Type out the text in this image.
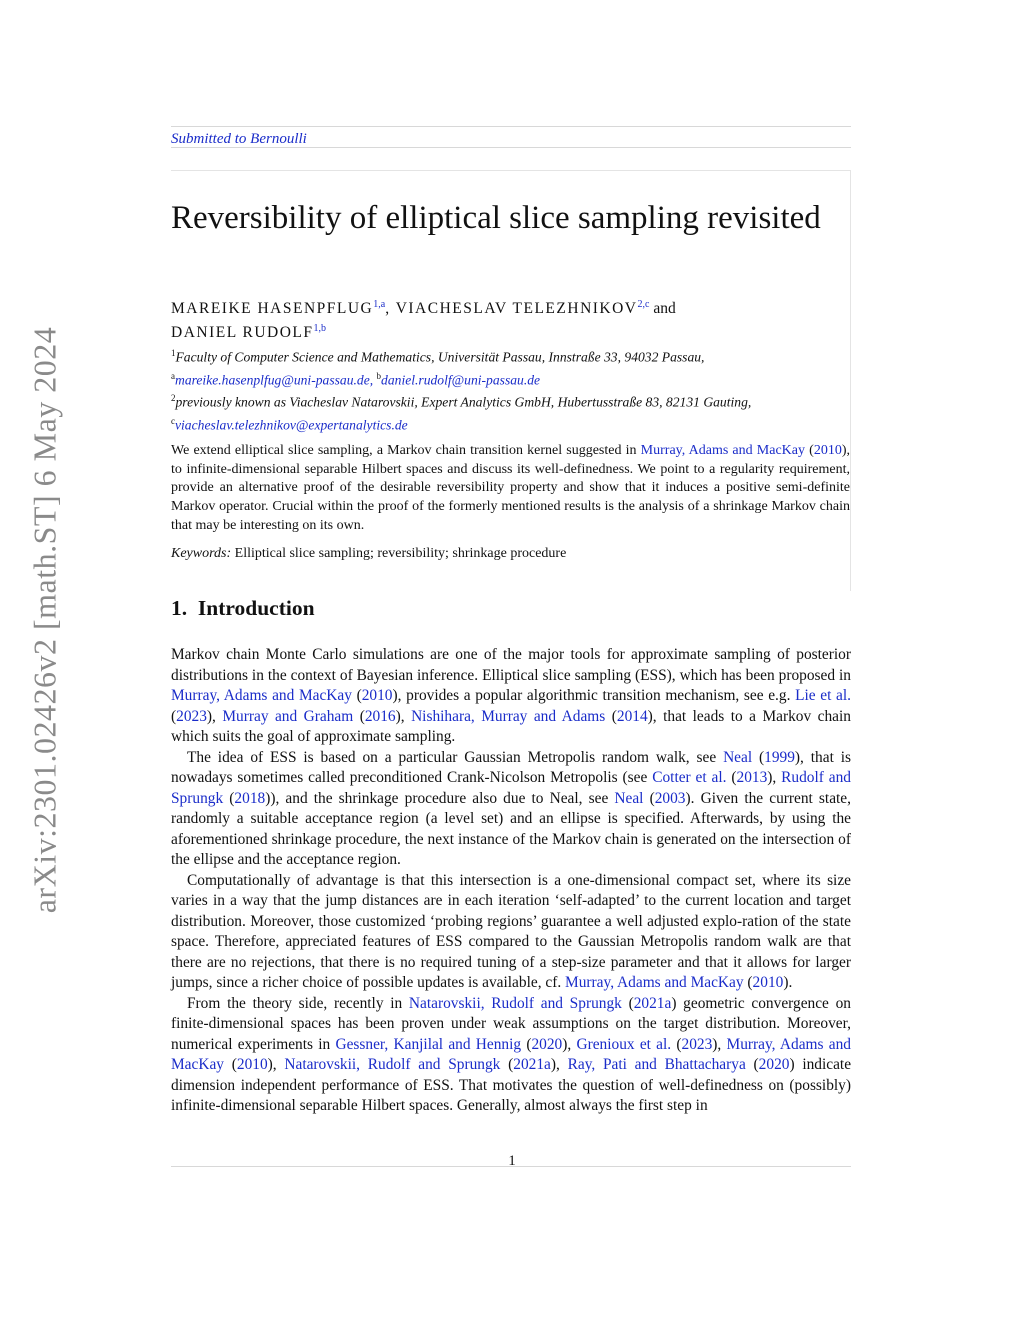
arXiv:2301.02426v2 [math.ST] 6 May 2024
Submitted to Bernoulli
Reversibility of elliptical slice sampling revisited
MAREIKE HASENPFLUG$^{1,a}$, VIACHESLAV TELEZHNIKOV$^{2,c}$ and
DANIEL RUDOLF$^{1,b}$
$^1$Faculty of Computer Science and Mathematics, Universität Passau, Innstraße 33, 94032 Passau,
$^a$mareike.hasenplfug@uni-passau.de, $^b$daniel.rudolf@uni-passau.de
$^2$previously known as Viacheslav Natarovskii, Expert Analytics GmbH, Hubertusstraße 83, 82131 Gauting,
$^c$viacheslav.telezhnikov@expertanalytics.de
We extend elliptical slice sampling, a Markov chain transition kernel suggested in Murray, Adams and MacKay (2010), to infinite-dimensional separable Hilbert spaces and discuss its well-definedness. We point to a regularity requirement, provide an alternative proof of the desirable reversibility property and show that it induces a positive semi-definite Markov operator. Crucial within the proof of the formerly mentioned results is the analysis of a shrinkage Markov chain that may be interesting on its own.
Keywords: Elliptical slice sampling; reversibility; shrinkage procedure
1. Introduction

Markov chain Monte Carlo simulations are one of the major tools for approximate sampling of posterior distributions in the context of Bayesian inference. Elliptical slice sampling (ESS), which has been proposed in Murray, Adams and MacKay (2010), provides a popular algorithmic transition mechanism, see e.g. Lie et al. (2023), Murray and Graham (2016), Nishihara, Murray and Adams (2014), that leads to a Markov chain which suits the goal of approximate sampling.

The idea of ESS is based on a particular Gaussian Metropolis random walk, see Neal (1999), that is nowadays sometimes called preconditioned Crank-Nicolson Metropolis (see Cotter et al. (2013), Rudolf and Sprungk (2018)), and the shrinkage procedure also due to Neal, see Neal (2003). Given the current state, randomly a suitable acceptance region (a level set) and an ellipse is specified. Afterwards, by using the aforementioned shrinkage procedure, the next instance of the Markov chain is generated on the intersection of the ellipse and the acceptance region.

Computationally of advantage is that this intersection is a one-dimensional compact set, where its size varies in a way that the jump distances are in each iteration ‘self-adapted’ to the current location and target distribution. Moreover, those customized ‘probing regions’ guarantee a well adjusted explo-ration of the state space. Therefore, appreciated features of ESS compared to the Gaussian Metropolis random walk are that there are no rejections, that there is no required tuning of a step-size parameter and that it allows for larger jumps, since a richer choice of possible updates is available, cf. Murray, Adams and MacKay (2010).

From the theory side, recently in Natarovskii, Rudolf and Sprungk (2021a) geometric convergence on finite-dimensional spaces has been proven under weak assumptions on the target distribution. Moreover, numerical experiments in Gessner, Kanjilal and Hennig (2020), Grenioux et al. (2023), Murray, Adams and MacKay (2010), Natarovskii, Rudolf and Sprungk (2021a), Ray, Pati and Bhattacharya (2020) indicate dimension independent performance of ESS. That motivates the question of well-definedness on (possibly) infinite-dimensional separable Hilbert spaces. Generally, almost always the first step in

1
